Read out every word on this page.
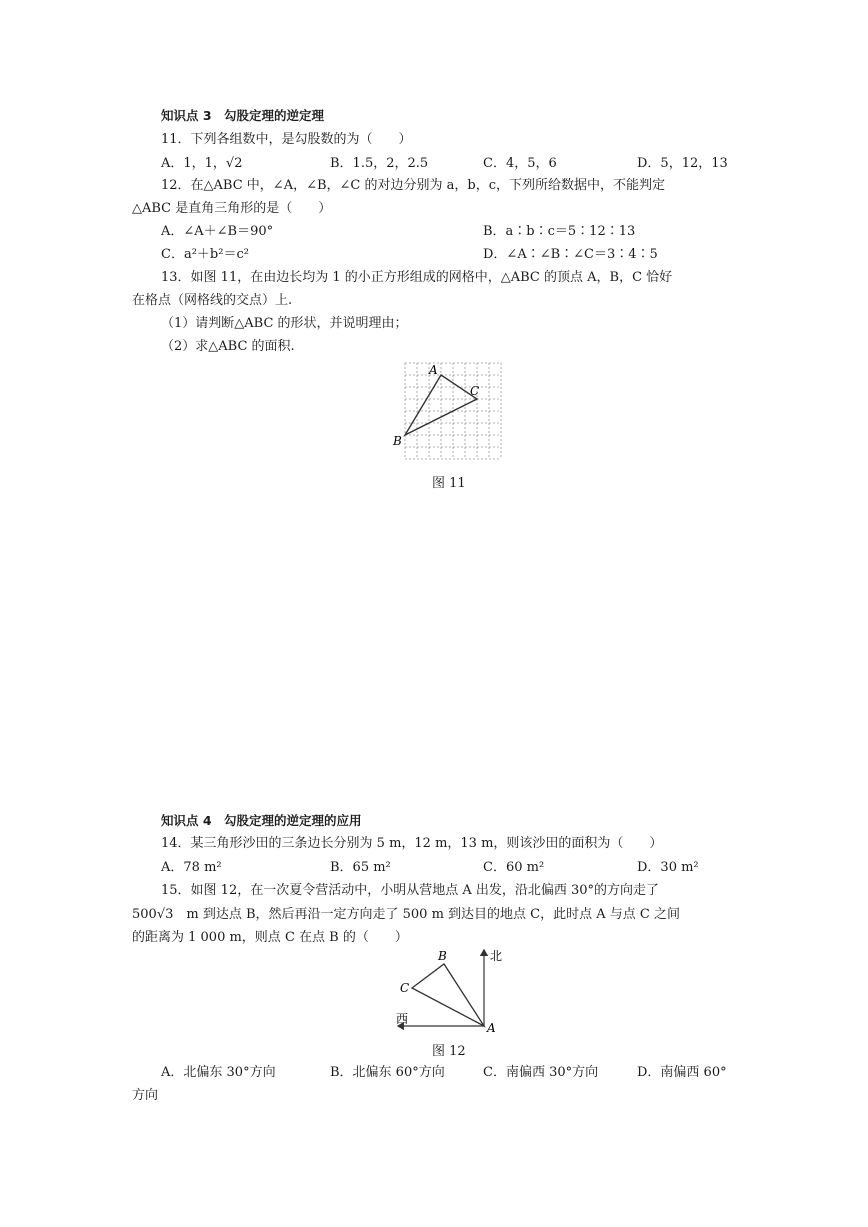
知识点 3　勾股定理的逆定理
11．下列各组数中，是勾股数的为（　　）
A．1，1，√2	B．1.5，2，2.5	C．4，5，6	D．5，12，13
12．在△ABC 中，∠A，∠B，∠C 的对边分别为 a，b，c，下列所给数据中，不能判定
△ABC 是直角三角形的是（　　）
A．∠A＋∠B＝90°	B．a∶b∶c＝5∶12∶13
C．a²＋b²＝c²	D．∠A∶∠B∶∠C＝3∶4∶5
13．如图 11，在由边长均为 1 的小正方形组成的网格中，△ABC 的顶点 A，B，C 恰好
在格点（网格线的交点）上.
（1）请判断△ABC 的形状，并说明理由；
（2）求△ABC 的面积.
A
B
C
图 11
知识点 4　勾股定理的逆定理的应用
14．某三角形沙田的三条边长分别为 5 m，12 m，13 m，则该沙田的面积为（　　）
A．78 m²	B．65 m²	C．60 m²	D．30 m²
15．如图 12，在一次夏令营活动中，小明从营地点 A 出发，沿北偏西 30°的方向走了
500√3　m 到达点 B，然后再沿一定方向走了 500 m 到达目的地点 C，此时点 A 与点 C 之间
的距离为 1 000 m，则点 C 在点 B 的（　　）
北
西
A
B
C
图 12
A．北偏东 30°方向	B．北偏东 60°方向	C．南偏西 30°方向	D．南偏西 60°
方向
